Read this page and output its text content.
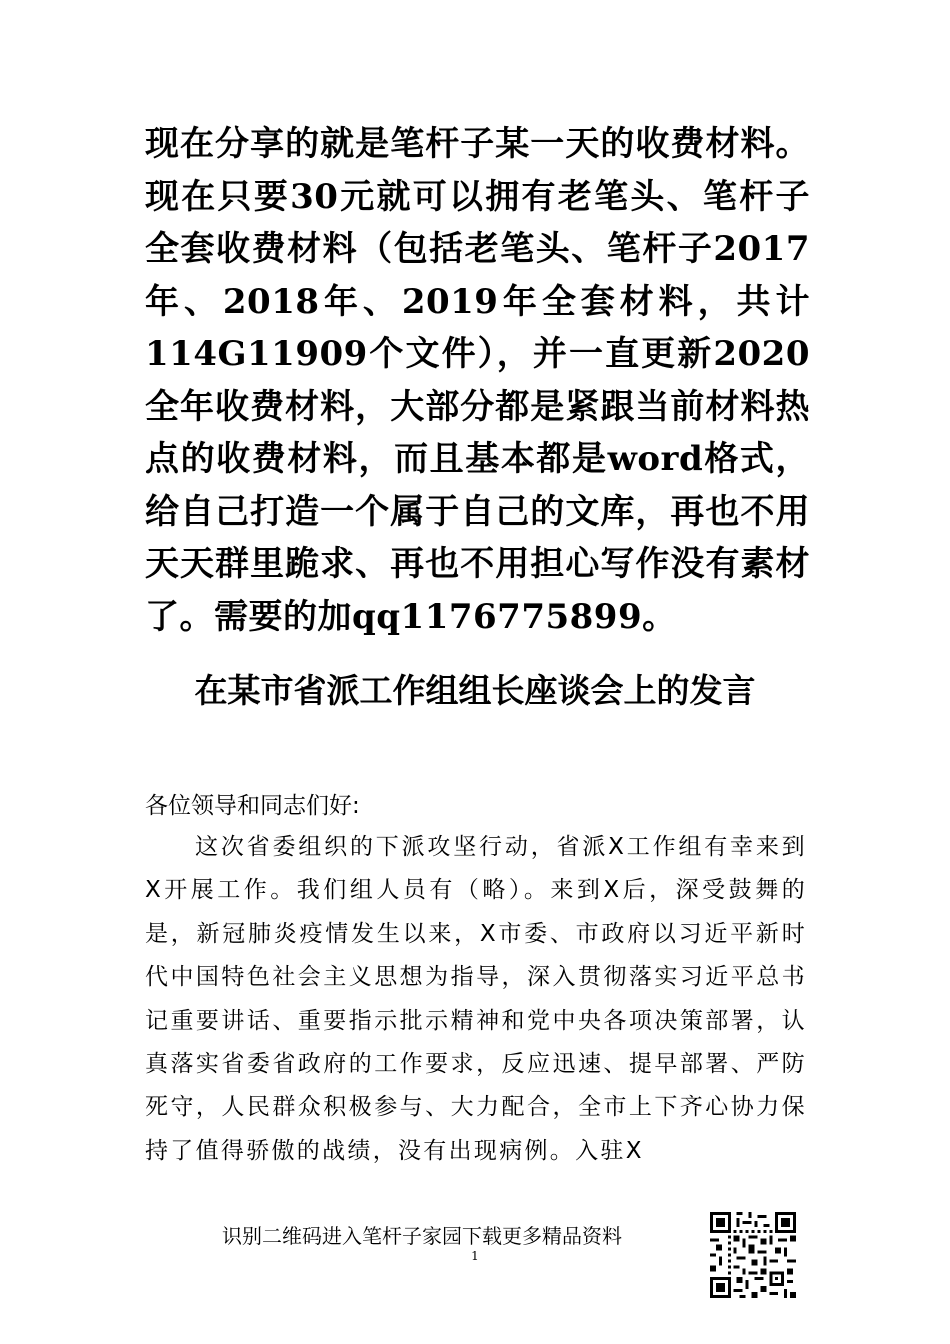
现在分享的就是笔杆子某一天的收费材料。现在只要30元就可以拥有老笔头、笔杆子全套收费材料（包括老笔头、笔杆子2017年、2018年、2019年全套材料，共计114G11909个文件），并一直更新2020全年收费材料，大部分都是紧跟当前材料热点的收费材料，而且基本都是word格式，给自己打造一个属于自己的文库，再也不用天天群里跪求、再也不用担心写作没有素材了。需要的加qq1176775899。

在某市省派工作组组长座谈会上的发言

各位领导和同志们好:

这次省委组织的下派攻坚行动，省派X工作组有幸来到X开展工作。我们组人员有（略）。来到X后，深受鼓舞的是，新冠肺炎疫情发生以来，X市委、市政府以习近平新时代中国特色社会主义思想为指导，深入贯彻落实习近平总书记重要讲话、重要指示批示精神和党中央各项决策部署，认真落实省委省政府的工作要求，反应迅速、提早部署、严防死守，人民群众积极参与、大力配合，全市上下齐心协力保持了值得骄傲的战绩，没有出现病例。入驻X

识别二维码进入笔杆子家园下载更多精品资料

1
